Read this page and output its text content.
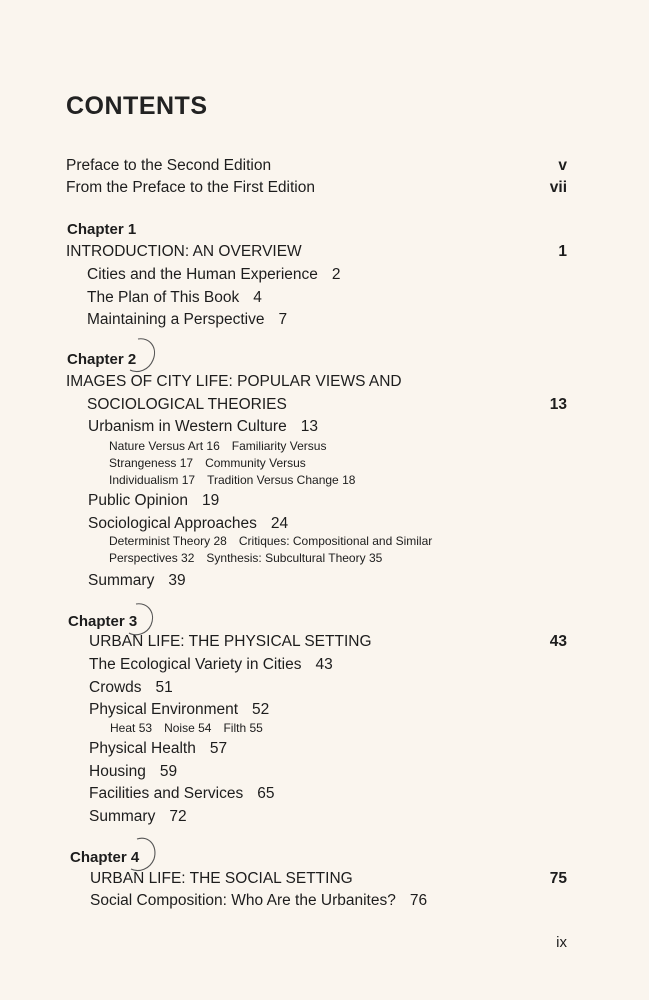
CONTENTS
Preface to the Second Edition	v
From the Preface to the First Edition	vii
Chapter 1
INTRODUCTION: AN OVERVIEW	1
Cities and the Human Experience 2
The Plan of This Book 4
Maintaining a Perspective 7
Chapter 2
IMAGES OF CITY LIFE: POPULAR VIEWS AND
SOCIOLOGICAL THEORIES	13
Urbanism in Western Culture 13
Nature Versus Art 16 Familiarity Versus
Strangeness 17 Community Versus
Individualism 17 Tradition Versus Change 18
Public Opinion 19
Sociological Approaches 24
Determinist Theory 28 Critiques: Compositional and Similar
Perspectives 32 Synthesis: Subcultural Theory 35
Summary 39
Chapter 3
URBAN LIFE: THE PHYSICAL SETTING	43
The Ecological Variety in Cities 43
Crowds 51
Physical Environment 52
Heat 53 Noise 54 Filth 55
Physical Health 57
Housing 59
Facilities and Services 65
Summary 72
Chapter 4
URBAN LIFE: THE SOCIAL SETTING	75
Social Composition: Who Are the Urbanites? 76
ix
